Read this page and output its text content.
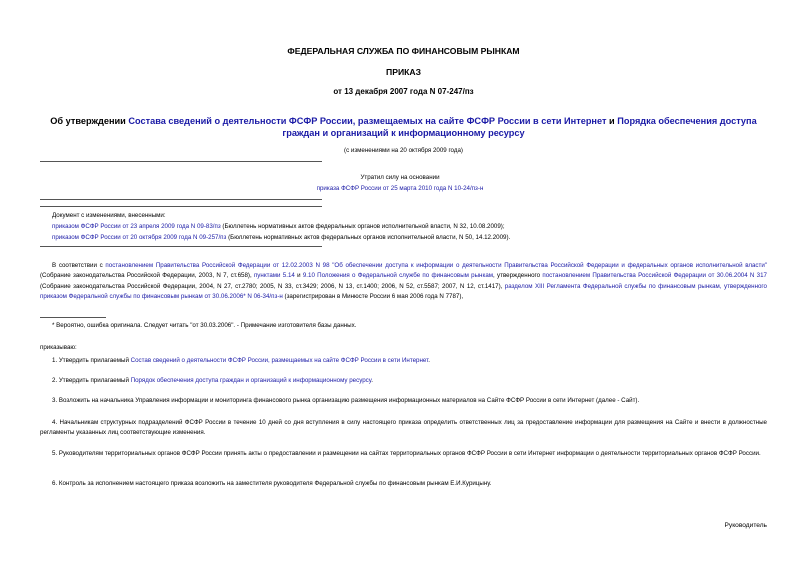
ФЕДЕРАЛЬНАЯ СЛУЖБА ПО ФИНАНСОВЫМ РЫНКАМ
ПРИКАЗ
от 13 декабря 2007 года N 07-247/пз
Об утверждении Состава сведений о деятельности ФСФР России, размещаемых на сайте ФСФР России в сети Интернет и Порядка обеспечения доступа граждан и организаций к информационному ресурсу
(с изменениями на 20 октября 2009 года)
Утратил силу на основании
приказа ФСФР России от 25 марта 2010 года N 10-24/пз-н
Документ с изменениями, внесенными:
приказом ФСФР России от 23 апреля 2009 года N 09-83/пз (Бюллетень нормативных актов федеральных органов исполнительной власти, N 32, 10.08.2009);
приказом ФСФР России от 20 октября 2009 года N 09-257/пз (Бюллетень нормативных актов федеральных органов исполнительной власти, N 50, 14.12.2009).
В соответствии с постановлением Правительства Российской Федерации от 12.02.2003 N 98 "Об обеспечении доступа к информации о деятельности Правительства Российской Федерации и федеральных органов исполнительной власти" (Собрание законодательства Российской Федерации, 2003, N 7, ст.658), пунктами 5.14 и 9.10 Положения о Федеральной службе по финансовым рынкам, утвержденного постановлением Правительства Российской Федерации от 30.06.2004 N 317 (Собрание законодательства Российской Федерации, 2004, N 27, ст.2780; 2005, N 33, ст.3429; 2006, N 13, ст.1400; 2006, N 52, ст.5587; 2007, N 12, ст.1417), разделом XIII Регламента Федеральной службы по финансовым рынкам, утвержденного приказом Федеральной службы по финансовым рынкам от 30.06.2006* N 06-34/пз-н (зарегистрирован в Минюсте России 6 мая 2006 года N 7787),
* Вероятно, ошибка оригинала. Следует читать "от 30.03.2006". - Примечание изготовителя базы данных.
приказываю:
1. Утвердить прилагаемый Состав сведений о деятельности ФСФР России, размещаемых на сайте ФСФР России в сети Интернет.
2. Утвердить прилагаемый Порядок обеспечения доступа граждан и организаций к информационному ресурсу.
3. Возложить на начальника Управления информации и мониторинга финансового рынка организацию размещения информационных материалов на Сайте ФСФР России в сети Интернет (далее - Сайт).
4. Начальникам структурных подразделений ФСФР России в течение 10 дней со дня вступления в силу настоящего приказа определить ответственных лиц за предоставление информации для размещения на Сайте и внести в должностные регламенты указанных лиц соответствующие изменения.
5. Руководителям территориальных органов ФСФР России принять акты о предоставлении и размещении на сайтах территориальных органов ФСФР России в сети Интернет информации о деятельности территориальных органов ФСФР России.
6. Контроль за исполнением настоящего приказа возложить на заместителя руководителя Федеральной службы по финансовым рынкам Е.И.Курицыну.
Руководитель
